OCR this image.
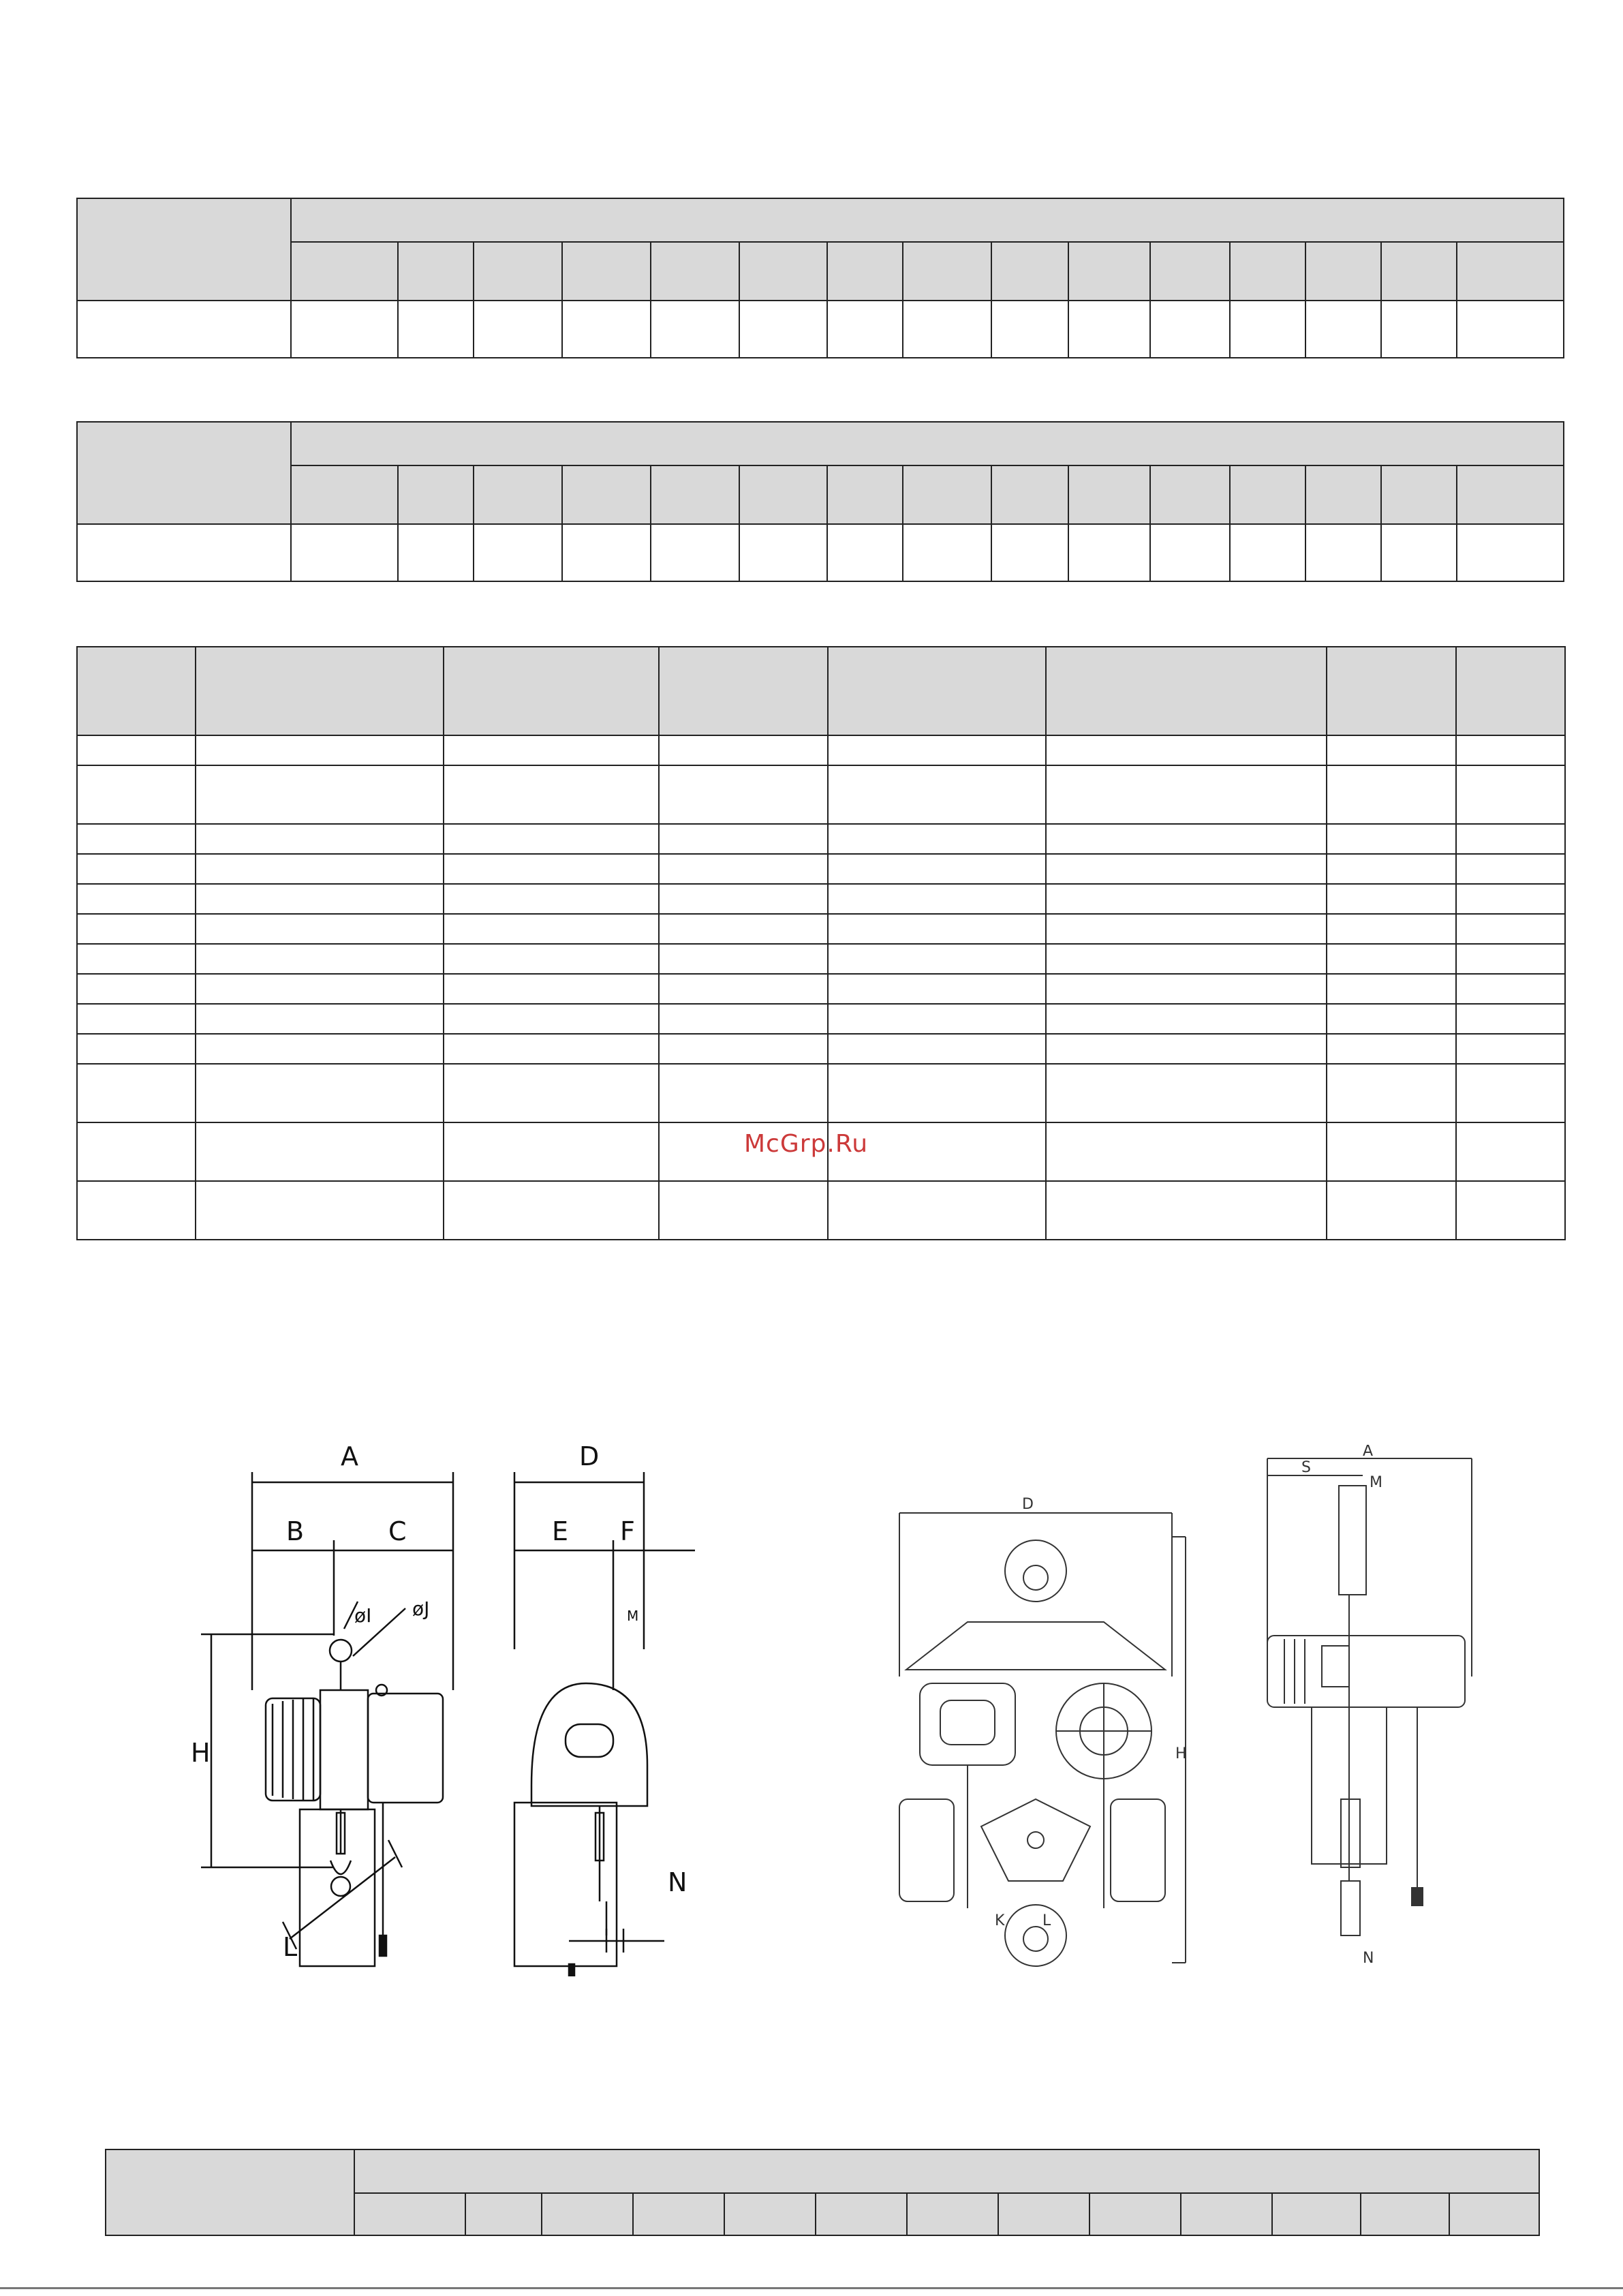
McGrp.Ru
A
B	C
H
L
øI øJ
D
E F
M
N
D
H
K	L
A
S
M
N
